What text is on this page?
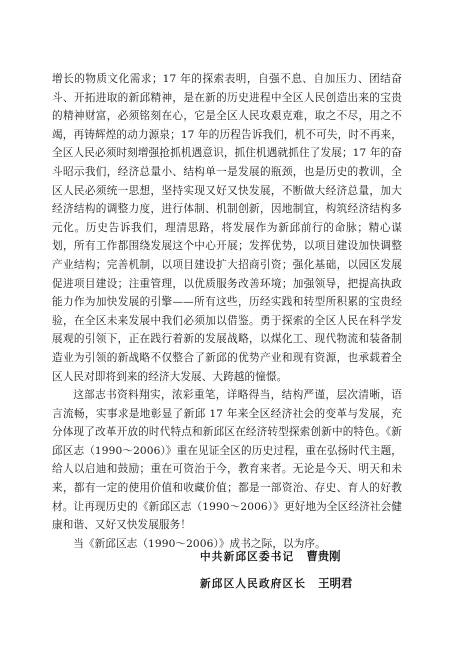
增长的物质文化需求；17 年的探索表明，自强不息、自加压力、团结奋斗、开拓进取的新邱精神，是在新的历史进程中全区人民创造出来的宝贵的精神财富，必须铭刻在心，它是全区人民攻艰克难，取之不尽，用之不竭，再铸辉煌的动力源泉；17 年的历程告诉我们，机不可失，时不再来，全区人民必须时刻增强抢抓机遇意识，抓住机遇就抓住了发展；17 年的奋斗昭示我们，经济总量小、结构单一是发展的瓶颈，也是历史的教训，全区人民必须统一思想，坚持实现又好又快发展，不断做大经济总量，加大经济结构的调整力度，进行体制、机制创新，因地制宜，构筑经济结构多元化。历史告诉我们，理清思路，将发展作为新邱前行的命脉；精心谋划，所有工作都围绕发展这个中心开展；发挥优势，以项目建设加快调整产业结构；完善机制，以项目建设扩大招商引资；强化基础，以园区发展促进项目建设；注重管理，以优质服务改善环境；加强领导，把提高执政能力作为加快发展的引擎——所有这些，历经实践和转型所积累的宝贵经验，在全区未来发展中我们必须加以借鉴。勇于探索的全区人民在科学发展观的引领下，正在践行着新的发展战略，以煤化工、现代物流和装备制造业为引领的新战略不仅整合了新邱的优势产业和现有资源，也承载着全区人民对即将到来的经济大发展、大跨越的憧憬。

这部志书资料翔实，浓彩重笔，详略得当，结构严谨，层次清晰，语言流畅，实事求是地彰显了新邱 17 年来全区经济社会的变革与发展，充分体现了改革开放的时代特点和新邱区在经济转型探索创新中的特色。《新邱区志（1990～2006）》重在见证全区的历史过程，重在弘扬时代主题，给人以启迪和鼓励；重在可资治于今，教育来者。无论是今天、明天和未来，都有一定的使用价值和收藏价值；都是一部资治、存史、育人的好教材。让再现历史的《新邱区志（1990～2006）》更好地为全区经济社会健康和谐、又好又快发展服务！

当《新邱区志（1990～2006）》成书之际，以为序。

中共新邱区委书记 曹贵刚
新邱区人民政府区长 王明君
